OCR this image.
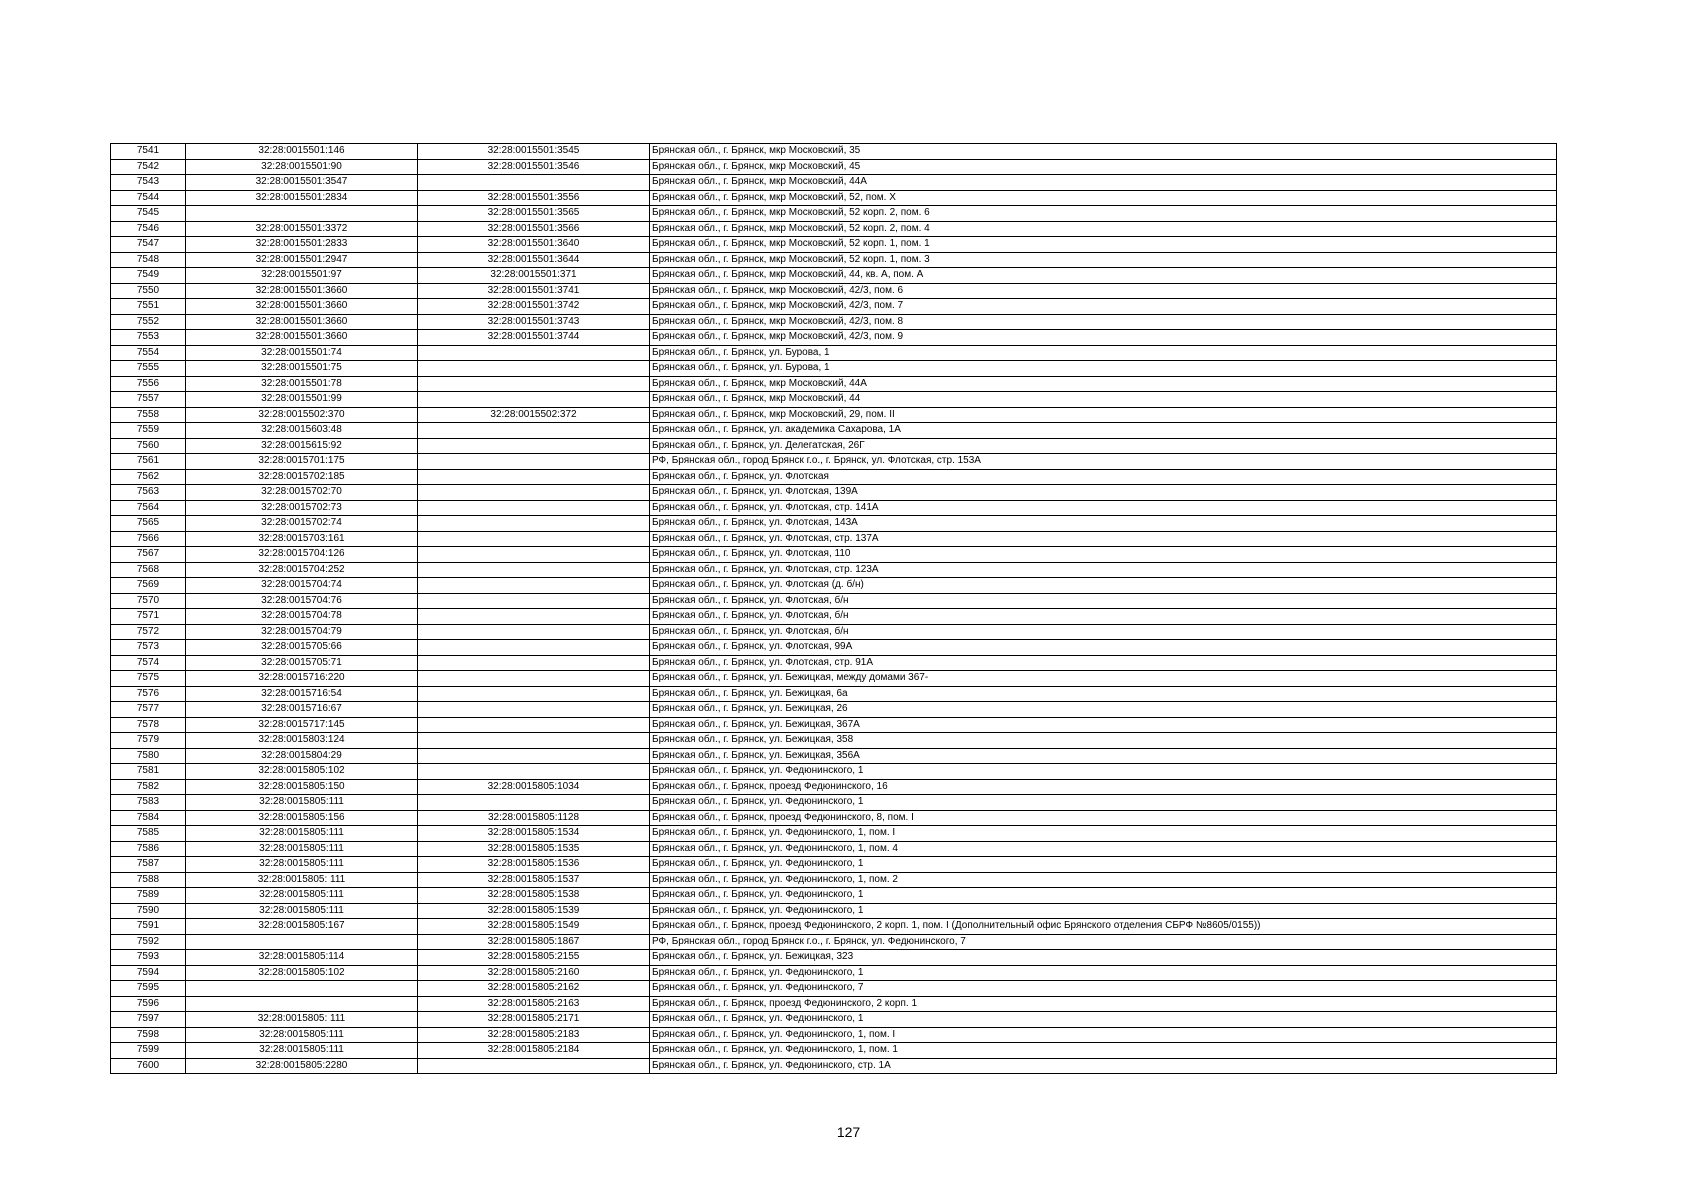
7541	32:28:0015501:146	32:28:0015501:3545	Брянская обл., г. Брянск, мкр Московский, 35
7542	32:28:0015501:90	32:28:0015501:3546	Брянская обл., г. Брянск, мкр Московский, 45
7543	32:28:0015501:3547		Брянская обл., г. Брянск, мкр Московский, 44А
7544	32:28:0015501:2834	32:28:0015501:3556	Брянская обл., г. Брянск, мкр Московский, 52, пом. Х
7545		32:28:0015501:3565	Брянская обл., г. Брянск, мкр Московский, 52 корп. 2, пом. 6
7546	32:28:0015501:3372	32:28:0015501:3566	Брянская обл., г. Брянск, мкр Московский, 52 корп. 2, пом. 4
7547	32:28:0015501:2833	32:28:0015501:3640	Брянская обл., г. Брянск, мкр Московский, 52 корп. 1, пом. 1
7548	32:28:0015501:2947	32:28:0015501:3644	Брянская обл., г. Брянск, мкр Московский, 52 корп. 1, пом. 3
7549	32:28:0015501:97	32:28:0015501:371	Брянская обл., г. Брянск, мкр Московский, 44, кв. А, пом. А
7550	32:28:0015501:3660	32:28:0015501:3741	Брянская обл., г. Брянск, мкр Московский, 42/3, пом. 6
7551	32:28:0015501:3660	32:28:0015501:3742	Брянская обл., г. Брянск, мкр Московский, 42/3, пом. 7
7552	32:28:0015501:3660	32:28:0015501:3743	Брянская обл., г. Брянск, мкр Московский, 42/3, пом. 8
7553	32:28:0015501:3660	32:28:0015501:3744	Брянская обл., г. Брянск, мкр Московский, 42/3, пом. 9
7554	32:28:0015501:74		Брянская обл., г. Брянск, ул. Бурова, 1
7555	32:28:0015501:75		Брянская обл., г. Брянск, ул. Бурова, 1
7556	32:28:0015501:78		Брянская обл., г. Брянск, мкр Московский, 44А
7557	32:28:0015501:99		Брянская обл., г. Брянск, мкр Московский, 44
7558	32:28:0015502:370	32:28:0015502:372	Брянская обл., г. Брянск, мкр Московский, 29, пом. II
7559	32:28:0015603:48		Брянская обл., г. Брянск, ул. академика Сахарова, 1А
7560	32:28:0015615:92		Брянская обл., г. Брянск, ул. Делегатская, 26Г
7561	32:28:0015701:175		РФ, Брянская обл., город Брянск г.о., г. Брянск, ул. Флотская, стр. 153А
7562	32:28:0015702:185		Брянская обл., г. Брянск, ул. Флотская
7563	32:28:0015702:70		Брянская обл., г. Брянск, ул. Флотская, 139А
7564	32:28:0015702:73		Брянская обл., г. Брянск, ул. Флотская, стр. 141А
7565	32:28:0015702:74		Брянская обл., г. Брянск, ул. Флотская, 143А
7566	32:28:0015703:161		Брянская обл., г. Брянск, ул. Флотская, стр. 137А
7567	32:28:0015704:126		Брянская обл., г. Брянск, ул. Флотская, 110
7568	32:28:0015704:252		Брянская обл., г. Брянск, ул. Флотская, стр. 123А
7569	32:28:0015704:74		Брянская обл., г. Брянск, ул. Флотская (д. б/н)
7570	32:28:0015704:76		Брянская обл., г. Брянск, ул. Флотская, б/н
7571	32:28:0015704:78		Брянская обл., г. Брянск, ул. Флотская, б/н
7572	32:28:0015704:79		Брянская обл., г. Брянск, ул. Флотская, б/н
7573	32:28:0015705:66		Брянская обл., г. Брянск, ул. Флотская, 99А
7574	32:28:0015705:71		Брянская обл., г. Брянск, ул. Флотская, стр. 91А
7575	32:28:0015716:220		Брянская обл., г. Брянск, ул. Бежицкая, между домами 367-
7576	32:28:0015716:54		Брянская обл., г. Брянск, ул. Бежицкая, 6а
7577	32:28:0015716:67		Брянская обл., г. Брянск, ул. Бежицкая, 26
7578	32:28:0015717:145		Брянская обл., г. Брянск, ул. Бежицкая, 367А
7579	32:28:0015803:124		Брянская обл., г. Брянск, ул. Бежицкая, 358
7580	32:28:0015804:29		Брянская обл., г. Брянск, ул. Бежицкая, 356А
7581	32:28:0015805:102		Брянская обл., г. Брянск, ул. Федюнинского, 1
7582	32:28:0015805:150	32:28:0015805:1034	Брянская обл., г. Брянск, проезд Федюнинского, 16
7583	32:28:0015805:111		Брянская обл., г. Брянск, ул. Федюнинского, 1
7584	32:28:0015805:156	32:28:0015805:1128	Брянская обл., г. Брянск, проезд Федюнинского, 8, пом. I
7585	32:28:0015805:111	32:28:0015805:1534	Брянская обл., г. Брянск, ул. Федюнинского, 1, пом. I
7586	32:28:0015805:111	32:28:0015805:1535	Брянская обл., г. Брянск, ул. Федюнинского, 1, пом. 4
7587	32:28:0015805:111	32:28:0015805:1536	Брянская обл., г. Брянск, ул. Федюнинского, 1
7588	32:28:0015805: 111	32:28:0015805:1537	Брянская обл., г. Брянск, ул. Федюнинского, 1, пом. 2
7589	32:28:0015805:111	32:28:0015805:1538	Брянская обл., г. Брянск, ул. Федюнинского, 1
7590	32:28:0015805:111	32:28:0015805:1539	Брянская обл., г. Брянск, ул. Федюнинского, 1
7591	32:28:0015805:167	32:28:0015805:1549	Брянская обл., г. Брянск, проезд Федюнинского, 2 корп. 1, пом. I (Дополнительный офис Брянского отделения СБРФ №8605/0155))
7592		32:28:0015805:1867	РФ, Брянская обл., город Брянск г.о., г. Брянск, ул. Федюнинского, 7
7593	32:28:0015805:114	32:28:0015805:2155	Брянская обл., г. Брянск, ул. Бежицкая, 323
7594	32:28:0015805:102	32:28:0015805:2160	Брянская обл., г. Брянск, ул. Федюнинского, 1
7595		32:28:0015805:2162	Брянская обл., г. Брянск, ул. Федюнинского, 7
7596		32:28:0015805:2163	Брянская обл., г. Брянск, проезд Федюнинского, 2 корп. 1
7597	32:28:0015805: 111	32:28:0015805:2171	Брянская обл., г. Брянск, ул. Федюнинского, 1
7598	32:28:0015805:111	32:28:0015805:2183	Брянская обл., г. Брянск, ул. Федюнинского, 1, пом. I
7599	32:28:0015805:111	32:28:0015805:2184	Брянская обл., г. Брянск, ул. Федюнинского, 1, пом. 1
7600	32:28:0015805:2280		Брянская обл., г. Брянск, ул. Федюнинского, стр. 1А
127
